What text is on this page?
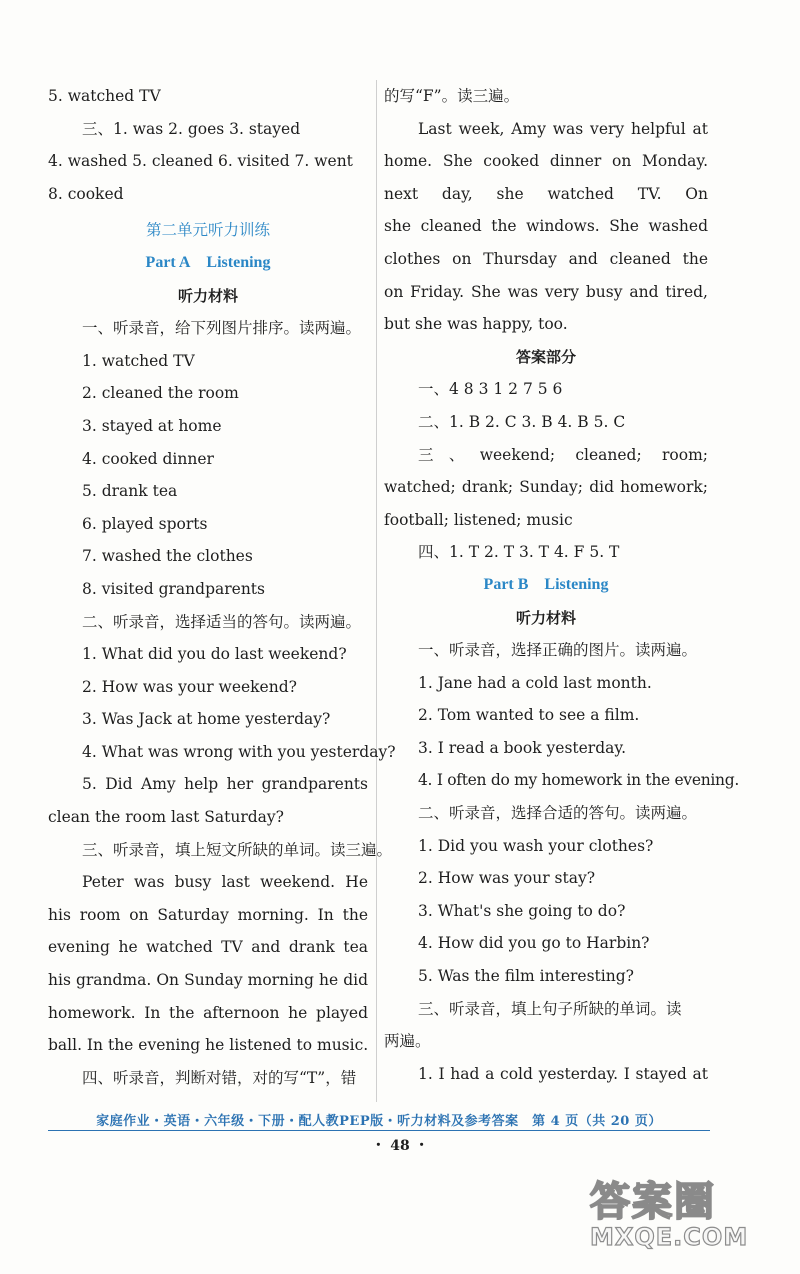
5. watched TV
三、1. was 2. goes 3. stayed
4. washed 5. cleaned 6. visited 7. went
8. cooked
第二单元听力训练
Part A Listening
听力材料
一、听录音，给下列图片排序。读两遍。
1. watched TV
2. cleaned the room
3. stayed at home
4. cooked dinner
5. drank tea
6. played sports
7. washed the clothes
8. visited grandparents
二、听录音，选择适当的答句。读两遍。
1. What did you do last weekend?
2. How was your weekend?
3. Was Jack at home yesterday?
4. What was wrong with you yesterday?
5. Did Amy help her grandparents
clean the room last Saturday?
三、听录音，填上短文所缺的单词。读三遍。
Peter was busy last weekend. He
his room on Saturday morning. In the
evening he watched TV and drank tea
his grandma. On Sunday morning he did
homework. In the afternoon he played
ball. In the evening he listened to music.
四、听录音，判断对错，对的写“T”，错
的写“F”。读三遍。
Last week, Amy was very helpful at
home. She cooked dinner on Monday.
next day, she watched TV. On
she cleaned the windows. She washed
clothes on Thursday and cleaned the
on Friday. She was very busy and tired,
but she was happy, too.
答案部分
一、4 8 3 1 2 7 5 6
二、1. B 2. C 3. B 4. B 5. C
三、weekend; cleaned; room;
watched; drank; Sunday; did homework;
football; listened; music
四、1. T 2. T 3. T 4. F 5. T
Part B Listening
听力材料
一、听录音，选择正确的图片。读两遍。
1. Jane had a cold last month.
2. Tom wanted to see a film.
3. I read a book yesterday.
4. I often do my homework in the evening.
二、听录音，选择合适的答句。读两遍。
1. Did you wash your clothes?
2. How was your stay?
3. What's she going to do?
4. How did you go to Harbin?
5. Was the film interesting?
三、听录音，填上句子所缺的单词。读
两遍。
1. I had a cold yesterday. I stayed at
家庭作业・英语・六年级・下册・配人教PEP版・听力材料及参考答案　第 4 页（共 20 页）
・ 48 ・
答案圈
MXQE.COM
